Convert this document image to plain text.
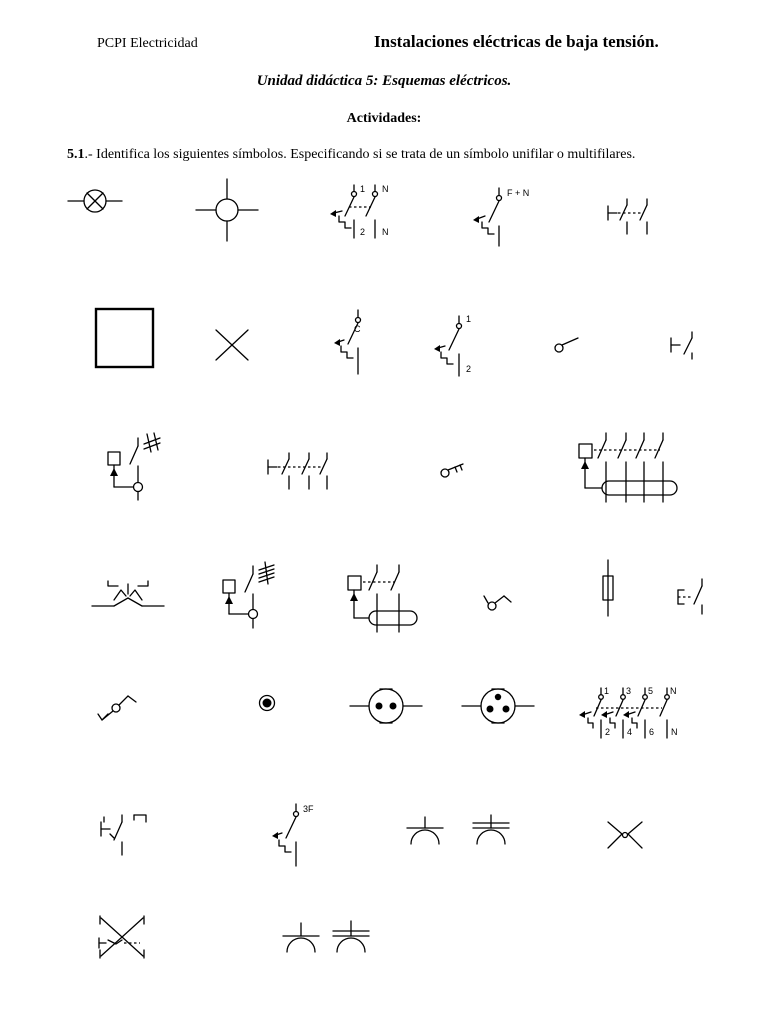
PCPI Electricidad	Instalaciones eléctricas de baja tensión.
Unidad didáctica 5: Esquemas eléctricos.
Actividades:
5.1.- Identifica los siguientes símbolos. Especificando si se trata de un símbolo unifilar o multifilares.
1 N
2 N
F + N
C
1
2
1 3 5 N
2 4 6 N
3F
